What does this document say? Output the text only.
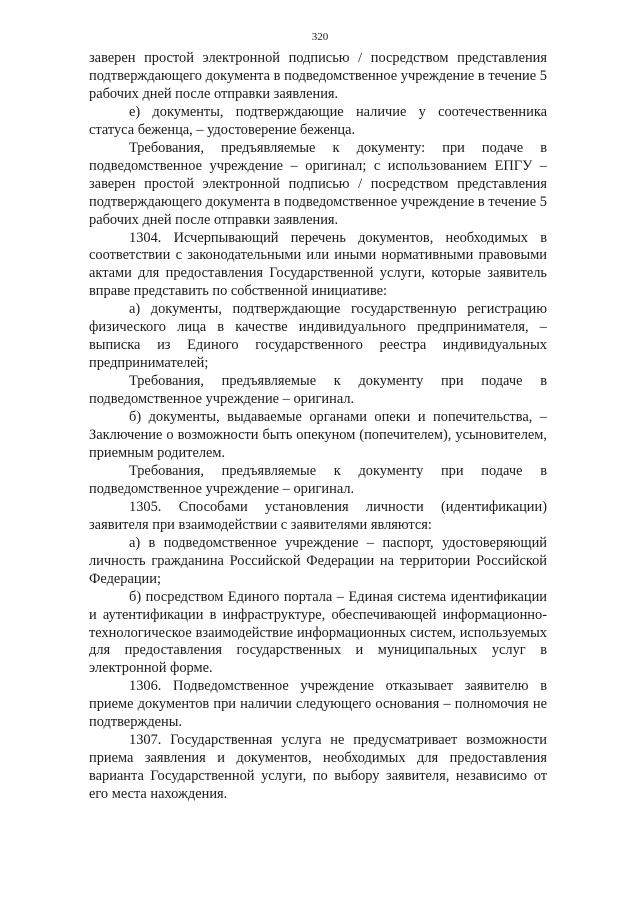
320

заверен простой электронной подписью / посредством представления подтверждающего документа в подведомственное учреждение в течение 5 рабочих дней после отправки заявления.

е) документы, подтверждающие наличие у соотечественника статуса беженца, – удостоверение беженца.

Требования, предъявляемые к документу: при подаче в подведомственное учреждение – оригинал; с использованием ЕПГУ – заверен простой электронной подписью / посредством представления подтверждающего документа в подведомственное учреждение в течение 5 рабочих дней после отправки заявления.

1304. Исчерпывающий перечень документов, необходимых в соответствии с законодательными или иными нормативными правовыми актами для предоставления Государственной услуги, которые заявитель вправе представить по собственной инициативе:

а) документы, подтверждающие государственную регистрацию физического лица в качестве индивидуального предпринимателя, – выписка из Единого государственного реестра индивидуальных предпринимателей;

Требования, предъявляемые к документу при подаче в подведомственное учреждение – оригинал.

б) документы, выдаваемые органами опеки и попечительства, – Заключение о возможности быть опекуном (попечителем), усыновителем, приемным родителем.

Требования, предъявляемые к документу при подаче в подведомственное учреждение – оригинал.

1305. Способами установления личности (идентификации) заявителя при взаимодействии с заявителями являются:

а) в подведомственное учреждение – паспорт, удостоверяющий личность гражданина Российской Федерации на территории Российской Федерации;

б) посредством Единого портала – Единая система идентификации и аутентификации в инфраструктуре, обеспечивающей информационно-технологическое взаимодействие информационных систем, используемых для предоставления государственных и муниципальных услуг в электронной форме.

1306. Подведомственное учреждение отказывает заявителю в приеме документов при наличии следующего основания – полномочия не подтверждены.

1307. Государственная услуга не предусматривает возможности приема заявления и документов, необходимых для предоставления варианта Государственной услуги, по выбору заявителя, независимо от его места нахождения.
